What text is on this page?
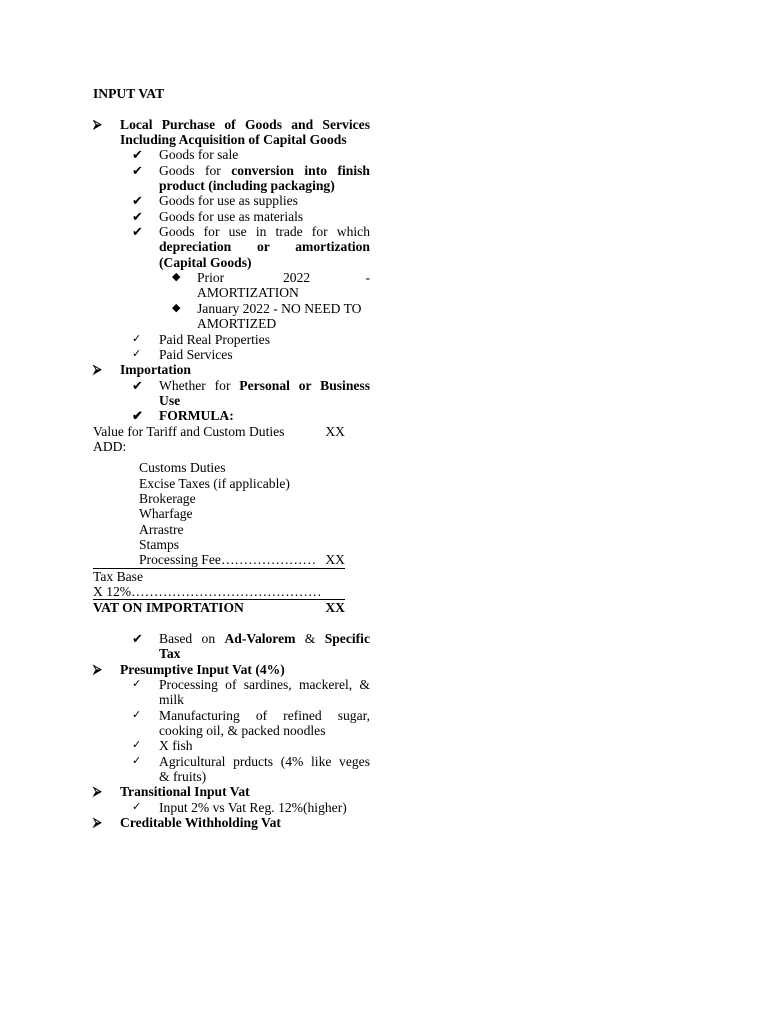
INPUT VAT
⮚ Local Purchase of Goods and Services
Including Acquisition of Capital Goods
✔ Goods for sale
✔ Goods for conversion into finish
product (including packaging)
✔ Goods for use as supplies
✔ Goods for use as materials
✔ Goods for use in trade for which
depreciation or amortization
(Capital Goods)
◆ Prior	2022	-
AMORTIZATION
◆ January 2022 - NO NEED TO
AMORTIZED
✓ Paid Real Properties
✓ Paid Services
⮚ Importation
✔ Whether for Personal or Business
Use
✔ FORMULA:
Value for Tariff and Custom Duties	XX
ADD:
Customs Duties
Excise Taxes (if applicable)
Brokerage
Wharfage
Arrastre
Stamps
Processing Fee………………… XX
Tax Base
X 12%……………………………………
VAT ON IMPORTATION	XX
✔ Based on Ad-Valorem & Specific
Tax
⮚ Presumptive Input Vat (4%)
✓ Processing of sardines, mackerel, &
milk
✓ Manufacturing of refined sugar,
cooking oil, & packed noodles
✓ X fish
✓ Agricultural prducts (4% like veges
& fruits)
⮚ Transitional Input Vat
✓ Input 2% vs Vat Reg. 12%(higher)
⮚ Creditable Withholding Vat
